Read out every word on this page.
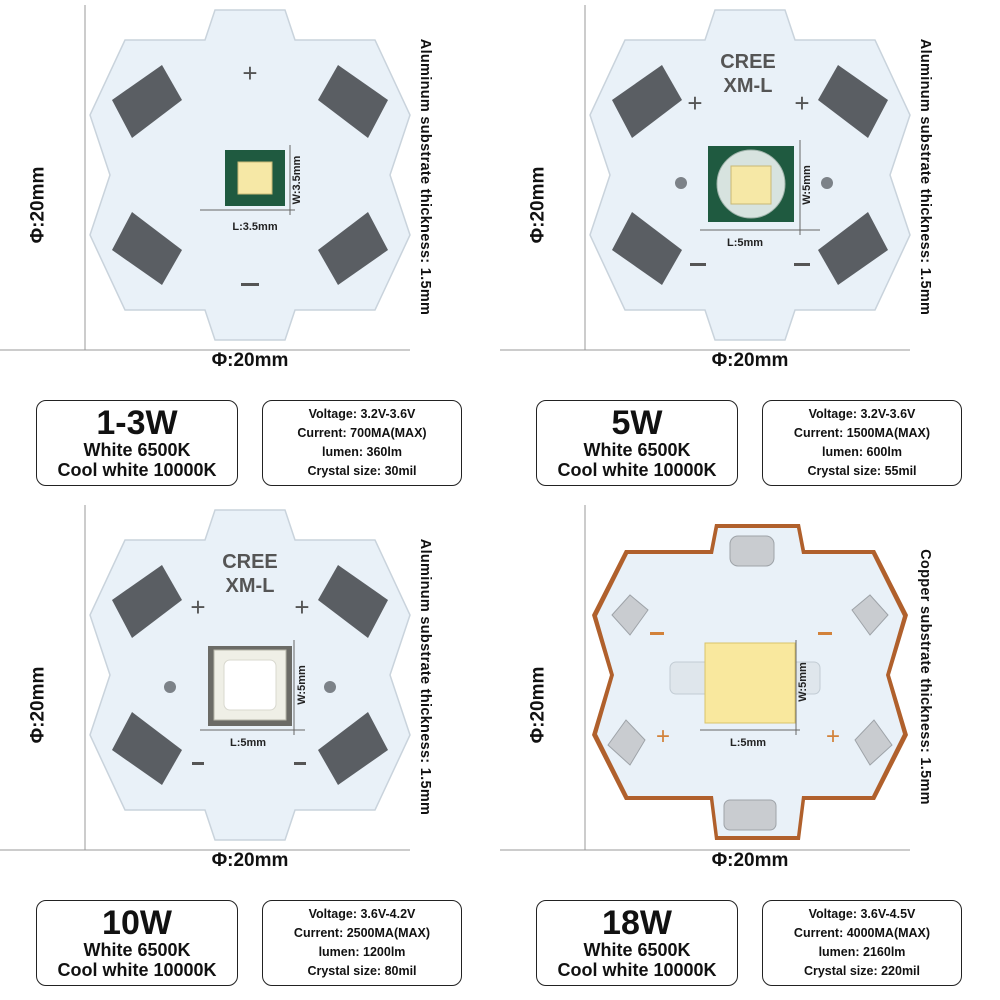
+
L:3.5mm
W:3.5mm
Φ:20mm
Φ:20mm
Aluminum substrate thickness: 1.5mm
1-3W
White 6500K
Cool white 10000K
Voltage: 3.2V-3.6V
Current: 700MA(MAX)
lumen: 360lm
Crystal size: 30mil
CREE
XM-L
+	+
L:5mm
W:5mm
Φ:20mm
Φ:20mm
Aluminum substrate thickness: 1.5mm
5W
White 6500K
Cool white 10000K
Voltage: 3.2V-3.6V
Current: 1500MA(MAX)
lumen: 600lm
Crystal size: 55mil
CREE
XM-L
+	+
L:5mm
W:5mm
Φ:20mm
Φ:20mm
Aluminum substrate thickness: 1.5mm
10W
White 6500K
Cool white 10000K
Voltage: 3.6V-4.2V
Current: 2500MA(MAX)
lumen: 1200lm
Crystal size: 80mil
+	+
L:5mm
W:5mm
Φ:20mm
Φ:20mm
Copper substrate thickness: 1.5mm
18W
White 6500K
Cool white 10000K
Voltage: 3.6V-4.5V
Current: 4000MA(MAX)
lumen: 2160lm
Crystal size: 220mil
